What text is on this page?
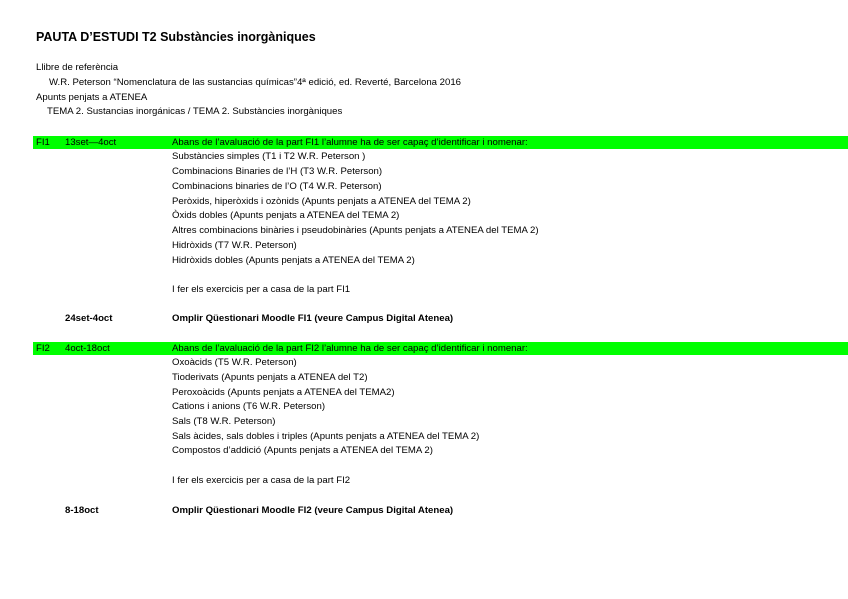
PAUTA D’ESTUDI T2 Substàncies inorgàniques
Llibre de referència
W.R. Peterson “Nomenclatura de las sustancias químicas”4ª edició, ed. Reverté, Barcelona 2016
Apunts penjats a ATENEA
TEMA 2. Sustancias inorgánicas / TEMA 2. Substàncies inorgàniques
FI1 13set—4oct	Abans de l’avaluació de la part FI1 l’alumne ha de ser capaç d’identificar i nomenar:
Substàncies simples (T1 i T2 W.R. Peterson )
Combinacions Binaries de l’H (T3 W.R. Peterson)
Combinacions binaries de l’O (T4 W.R. Peterson)
Peròxids, hiperòxids i ozònids (Apunts penjats a ATENEA del TEMA 2)
Òxids dobles (Apunts penjats a ATENEA del TEMA 2)
Altres combinacions binàries i pseudobinàries (Apunts penjats a ATENEA del TEMA 2)
Hidròxids (T7 W.R. Peterson)
Hidròxids dobles (Apunts penjats a ATENEA del TEMA 2)
I fer els exercicis per a casa de la part FI1
24set-4oct	Omplir Qüestionari Moodle FI1 (veure Campus Digital Atenea)
FI2 4oct-18oct	Abans de l’avaluació de la part FI2 l’alumne ha de ser capaç d’identificar i nomenar:
Oxoàcids (T5 W.R. Peterson)
Tioderivats (Apunts penjats a ATENEA del T2)
Peroxoàcids (Apunts penjats a ATENEA del TEMA2)
Cations i anions (T6 W.R. Peterson)
Sals (T8 W.R. Peterson)
Sals àcides, sals dobles i triples (Apunts penjats a ATENEA del TEMA 2)
Compostos d’addició (Apunts penjats a ATENEA del TEMA 2)
I fer els exercicis per a casa de la part FI2
8-18oct	Omplir Qüestionari Moodle FI2 (veure Campus Digital Atenea)
